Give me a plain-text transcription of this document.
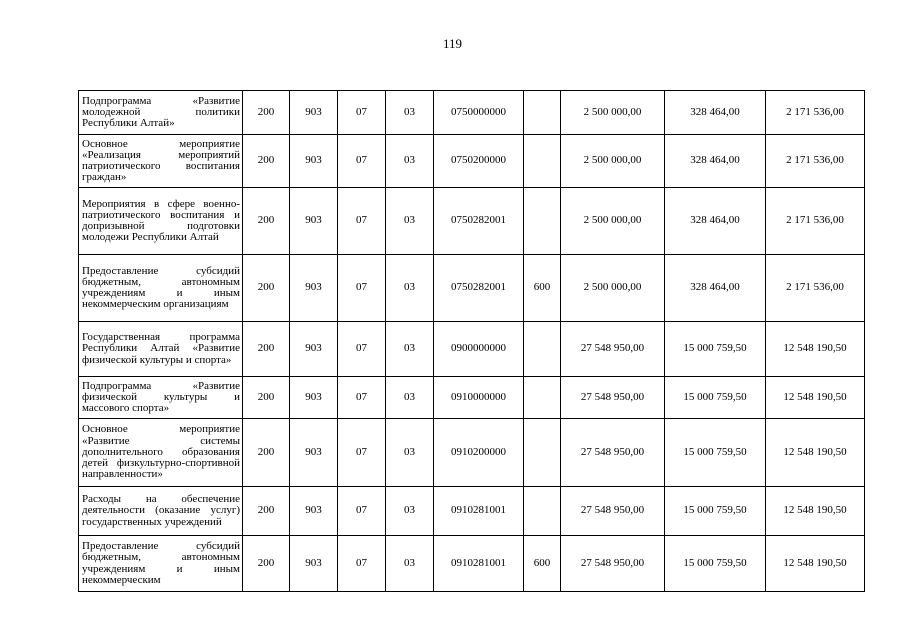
119
Подпрограмма «Развитие молодежной политики Республики Алтай»	200	903	07	03	0750000000		2 500 000,00	328 464,00	2 171 536,00
Основное мероприятие «Реализация мероприятий патриотического воспитания граждан»	200	903	07	03	0750200000		2 500 000,00	328 464,00	2 171 536,00
Мероприятия в сфере военно-патриотического воспитания и допризывной подготовки молодежи Республики Алтай	200	903	07	03	0750282001		2 500 000,00	328 464,00	2 171 536,00
Предоставление субсидий бюджетным, автономным учреждениям и иным некоммерческим организациям	200	903	07	03	0750282001	600	2 500 000,00	328 464,00	2 171 536,00
Государственная программа Республики Алтай «Развитие физической культуры и спорта»	200	903	07	03	0900000000		27 548 950,00	15 000 759,50	12 548 190,50
Подпрограмма «Развитие физической культуры и массового спорта»	200	903	07	03	0910000000		27 548 950,00	15 000 759,50	12 548 190,50
Основное мероприятие «Развитие системы дополнительного образования детей физкультурно-спортивной направленности»	200	903	07	03	0910200000		27 548 950,00	15 000 759,50	12 548 190,50
Расходы на обеспечение деятельности (оказание услуг) государственных учреждений	200	903	07	03	0910281001		27 548 950,00	15 000 759,50	12 548 190,50
Предоставление субсидий бюджетным, автономным учреждениям и иным некоммерческим	200	903	07	03	0910281001	600	27 548 950,00	15 000 759,50	12 548 190,50
